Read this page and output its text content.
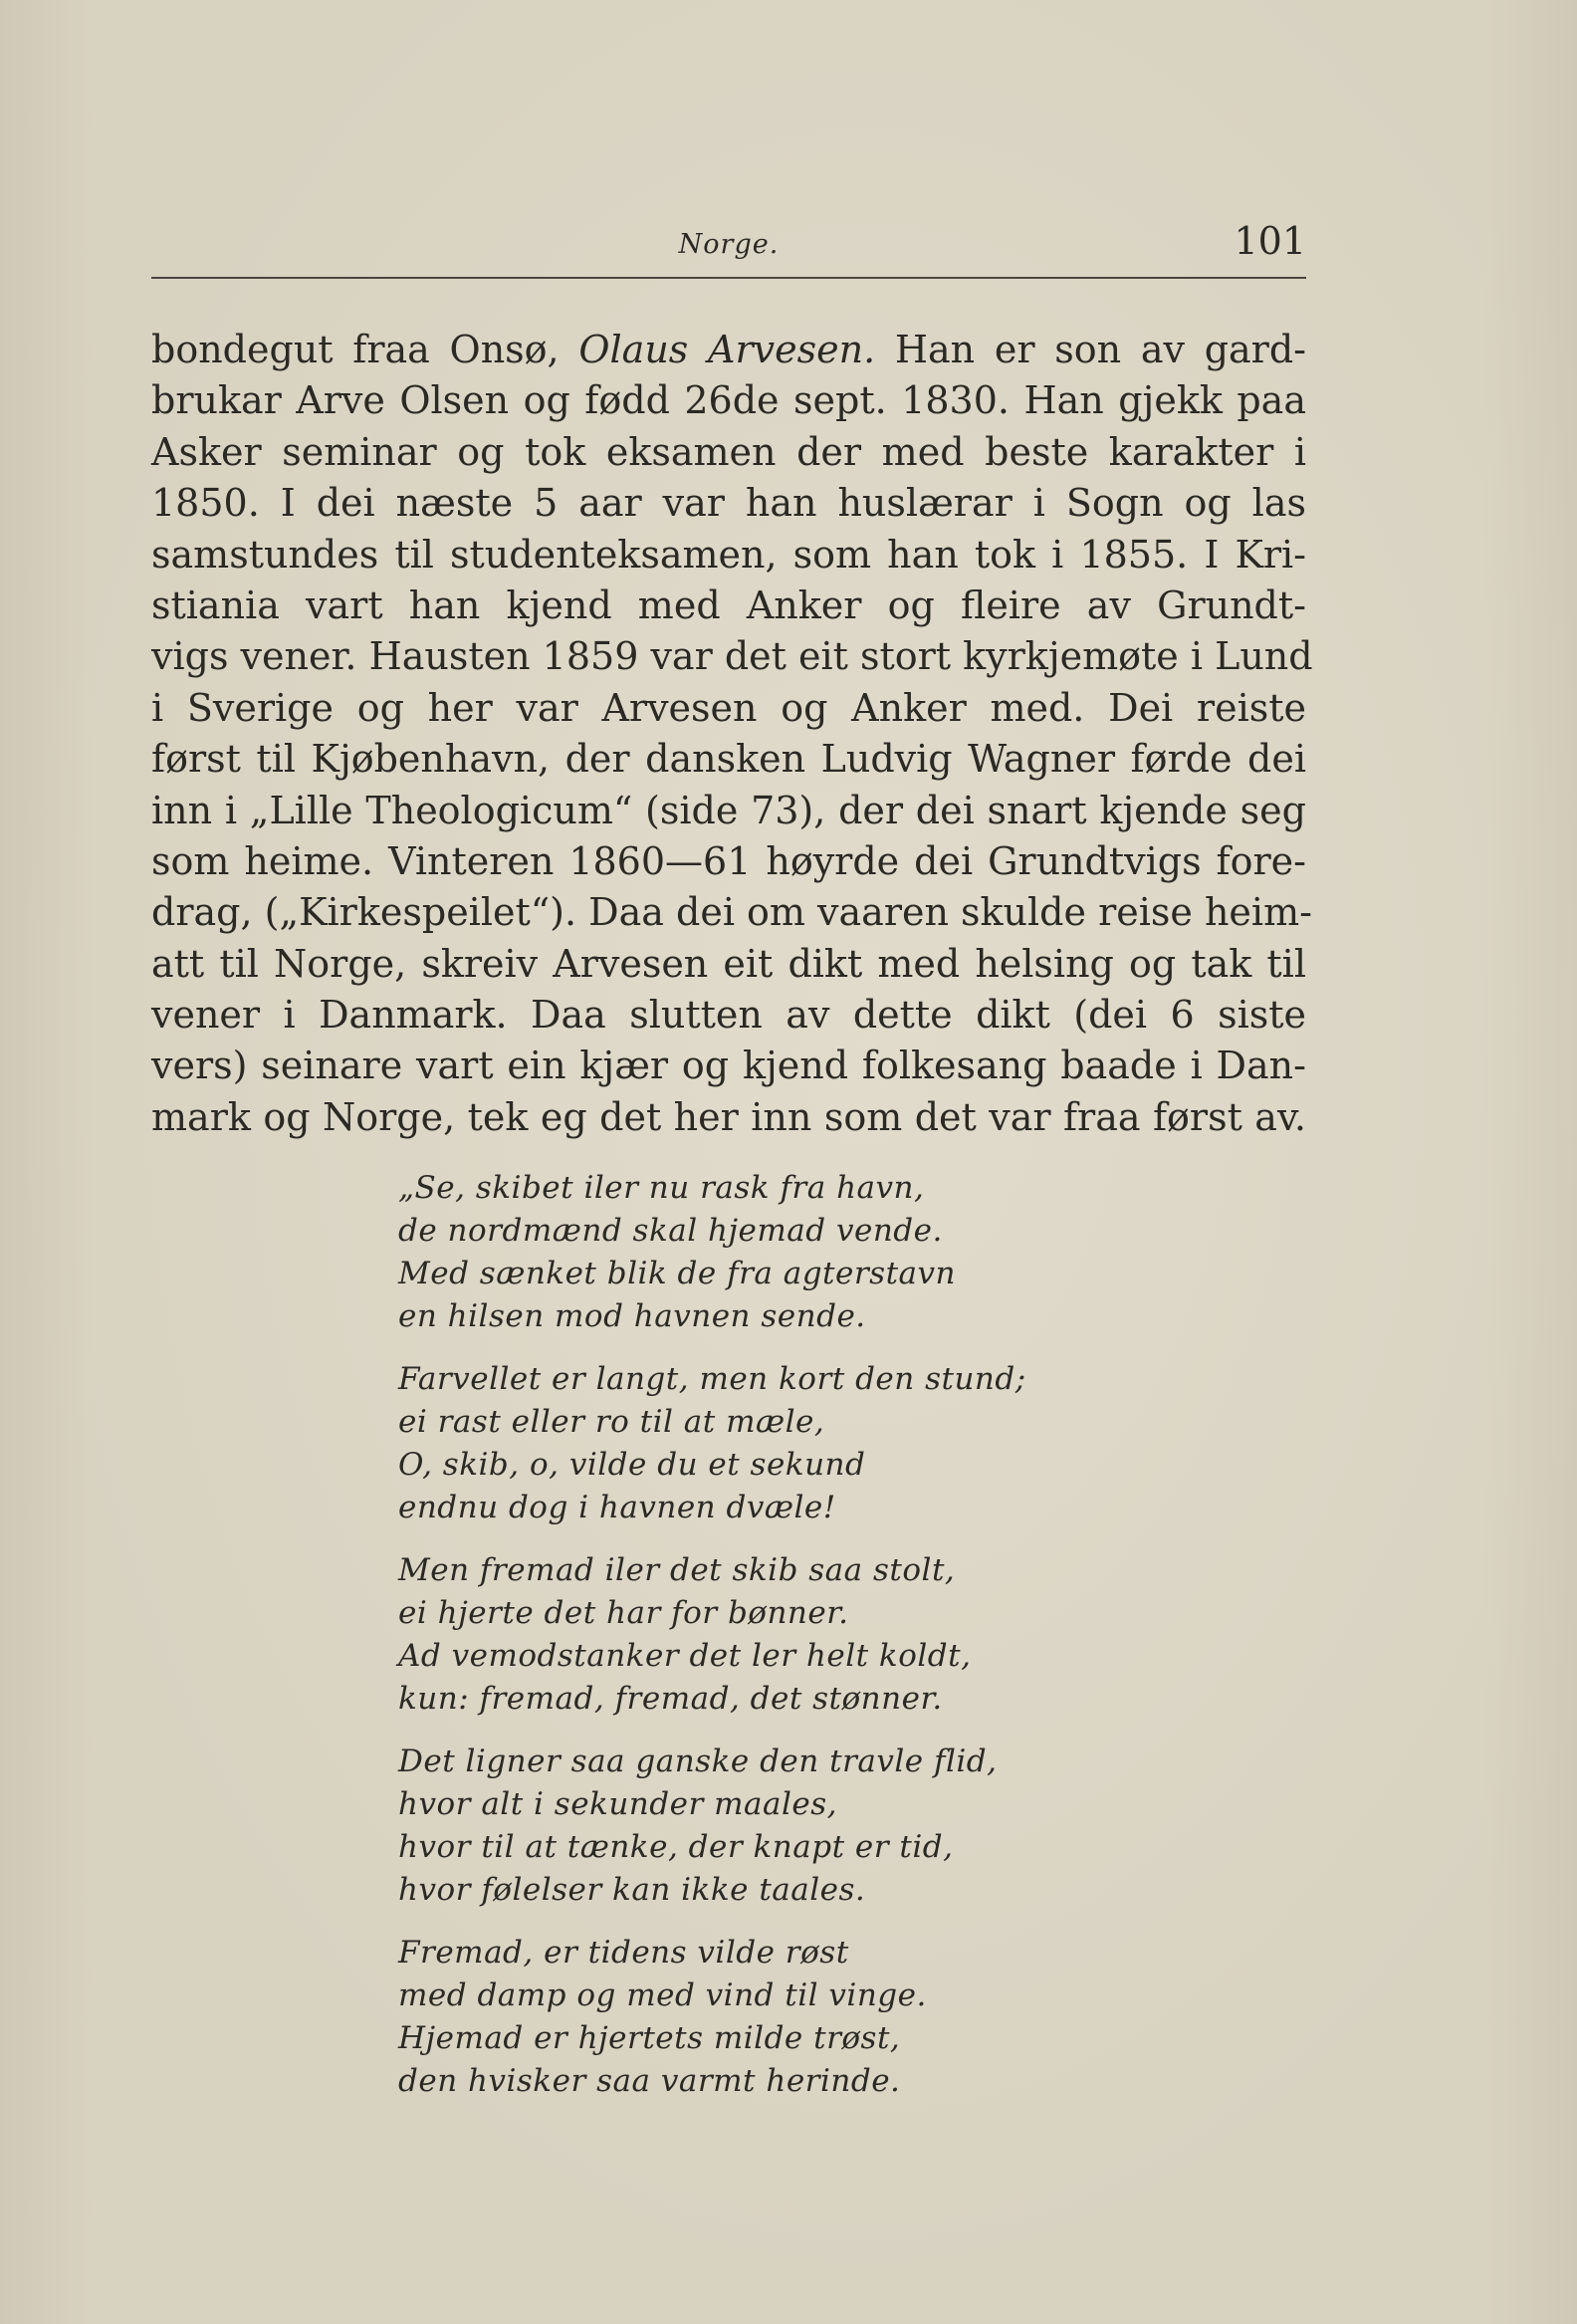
Norge.	101
bondegut fraa Onsø, Olaus Arvesen. Han er son av gard-
brukar Arve Olsen og fødd 26de sept. 1830. Han gjekk paa
Asker seminar og tok eksamen der med beste karakter i
1850. I dei næste 5 aar var han huslærar i Sogn og las
samstundes til studenteksamen, som han tok i 1855. I Kri-
stiania vart han kjend med Anker og fleire av Grundt-
vigs vener. Hausten 1859 var det eit stort kyrkjemøte i Lund
i Sverige og her var Arvesen og Anker med. Dei reiste
først til Kjøbenhavn, der dansken Ludvig Wagner førde dei
inn i „Lille Theologicum“ (side 73), der dei snart kjende seg
som heime. Vinteren 1860—61 høyrde dei Grundtvigs fore-
drag, („Kirkespeilet“). Daa dei om vaaren skulde reise heim-
att til Norge, skreiv Arvesen eit dikt med helsing og tak til
vener i Danmark. Daa slutten av dette dikt (dei 6 siste
vers) seinare vart ein kjær og kjend folkesang baade i Dan-
mark og Norge, tek eg det her inn som det var fraa først av.
„Se, skibet iler nu rask fra havn,
de nordmænd skal hjemad vende.
Med sænket blik de fra agterstavn
en hilsen mod havnen sende.
Farvellet er langt, men kort den stund;
ei rast eller ro til at mæle,
O, skib, o, vilde du et sekund
endnu dog i havnen dvæle!
Men fremad iler det skib saa stolt,
ei hjerte det har for bønner.
Ad vemodstanker det ler helt koldt,
kun: fremad, fremad, det stønner.
Det ligner saa ganske den travle flid,
hvor alt i sekunder maales,
hvor til at tænke, der knapt er tid,
hvor følelser kan ikke taales.
Fremad, er tidens vilde røst
med damp og med vind til vinge.
Hjemad er hjertets milde trøst,
den hvisker saa varmt herinde.
